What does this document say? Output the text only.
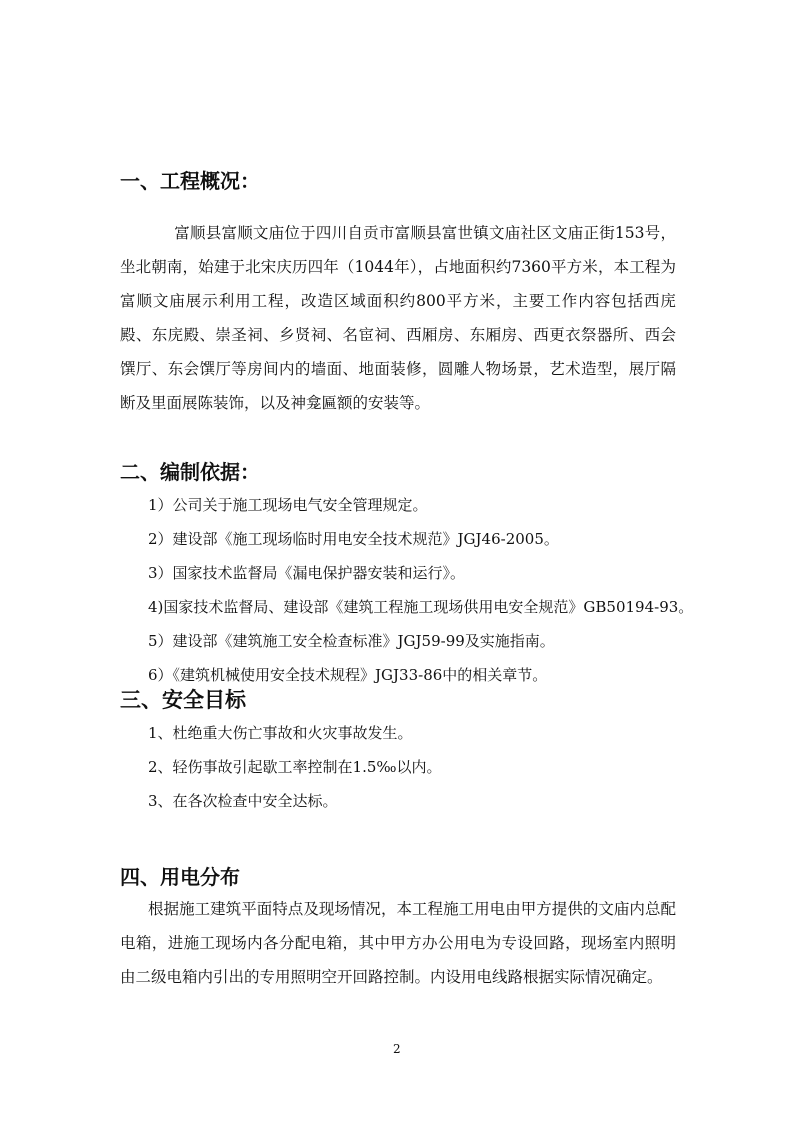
一、工程概况：
富顺县富顺文庙位于四川自贡市富顺县富世镇文庙社区文庙正街153号，坐北朝南，始建于北宋庆历四年（1044年），占地面积约7360平方米，本工程为富顺文庙展示利用工程，改造区域面积约800平方米，主要工作内容包括西庑殿、东庑殿、崇圣祠、乡贤祠、名宦祠、西厢房、东厢房、西更衣祭器所、西会馔厅、东会馔厅等房间内的墙面、地面装修，圆雕人物场景，艺术造型，展厅隔断及里面展陈装饰，以及神龛匾额的安装等。
二、编制依据：
1）公司关于施工现场电气安全管理规定。
2）建设部《施工现场临时用电安全技术规范》JGJ46-2005。
3）国家技术监督局《漏电保护器安装和运行》。
4)国家技术监督局、建设部《建筑工程施工现场供用电安全规范》GB50194-93。
5）建设部《建筑施工安全检查标准》JGJ59-99及实施指南。
6）《建筑机械使用安全技术规程》JGJ33-86中的相关章节。
三、安全目标
1、杜绝重大伤亡事故和火灾事故发生。
2、轻伤事故引起歇工率控制在1.5‰以内。
3、在各次检查中安全达标。
四、用电分布
根据施工建筑平面特点及现场情况，本工程施工用电由甲方提供的文庙内总配电箱，进施工现场内各分配电箱，其中甲方办公用电为专设回路，现场室内照明由二级电箱内引出的专用照明空开回路控制。内设用电线路根据实际情况确定。
2
